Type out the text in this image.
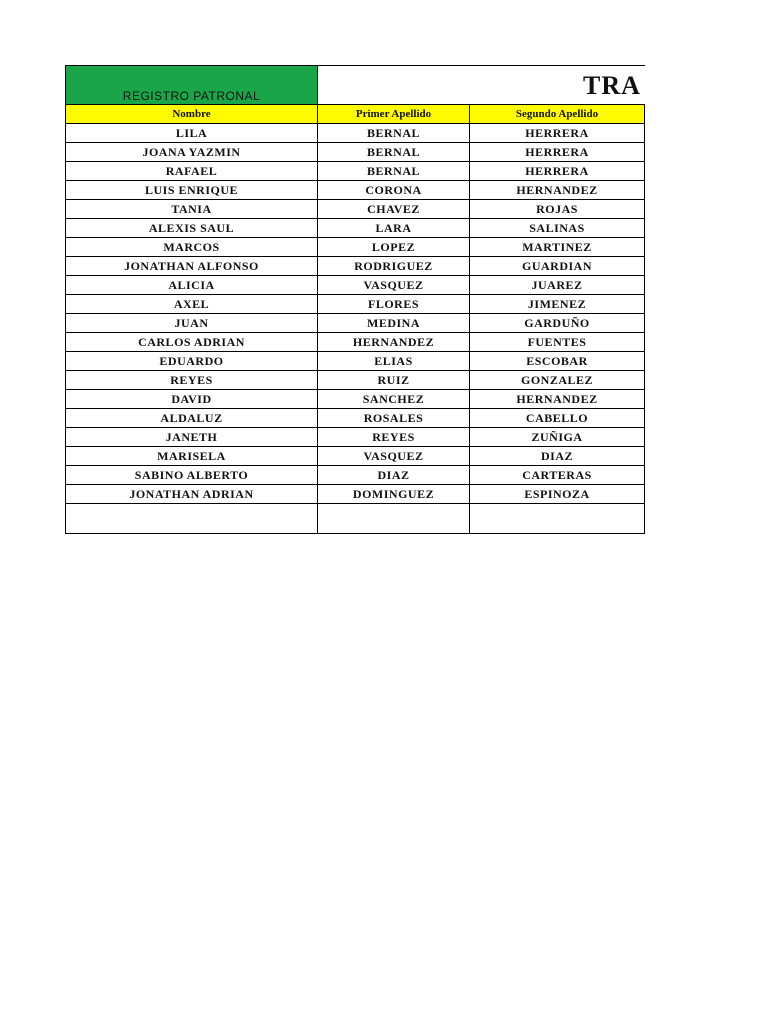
REGISTRO PATRONAL	TRA		
Nombre	Primer Apellido	Segundo Apellido	
LILA	BERNAL	HERRERA	
JOANA YAZMIN	BERNAL	HERRERA	
RAFAEL	BERNAL	HERRERA	
LUIS ENRIQUE	CORONA	HERNANDEZ	
TANIA	CHAVEZ	ROJAS	
ALEXIS SAUL	LARA	SALINAS	
MARCOS	LOPEZ	MARTINEZ	
JONATHAN ALFONSO	RODRIGUEZ	GUARDIAN	
ALICIA	VASQUEZ	JUAREZ	
AXEL	FLORES	JIMENEZ	
JUAN	MEDINA	GARDUÑO	
CARLOS ADRIAN	HERNANDEZ	FUENTES	
EDUARDO	ELIAS	ESCOBAR	
REYES	RUIZ	GONZALEZ	
DAVID	SANCHEZ	HERNANDEZ	
ALDALUZ	ROSALES	CABELLO	
JANETH	REYES	ZUÑIGA	
MARISELA	VASQUEZ	DIAZ	
SABINO ALBERTO	DIAZ	CARTERAS	
JONATHAN ADRIAN	DOMINGUEZ	ESPINOZA	
